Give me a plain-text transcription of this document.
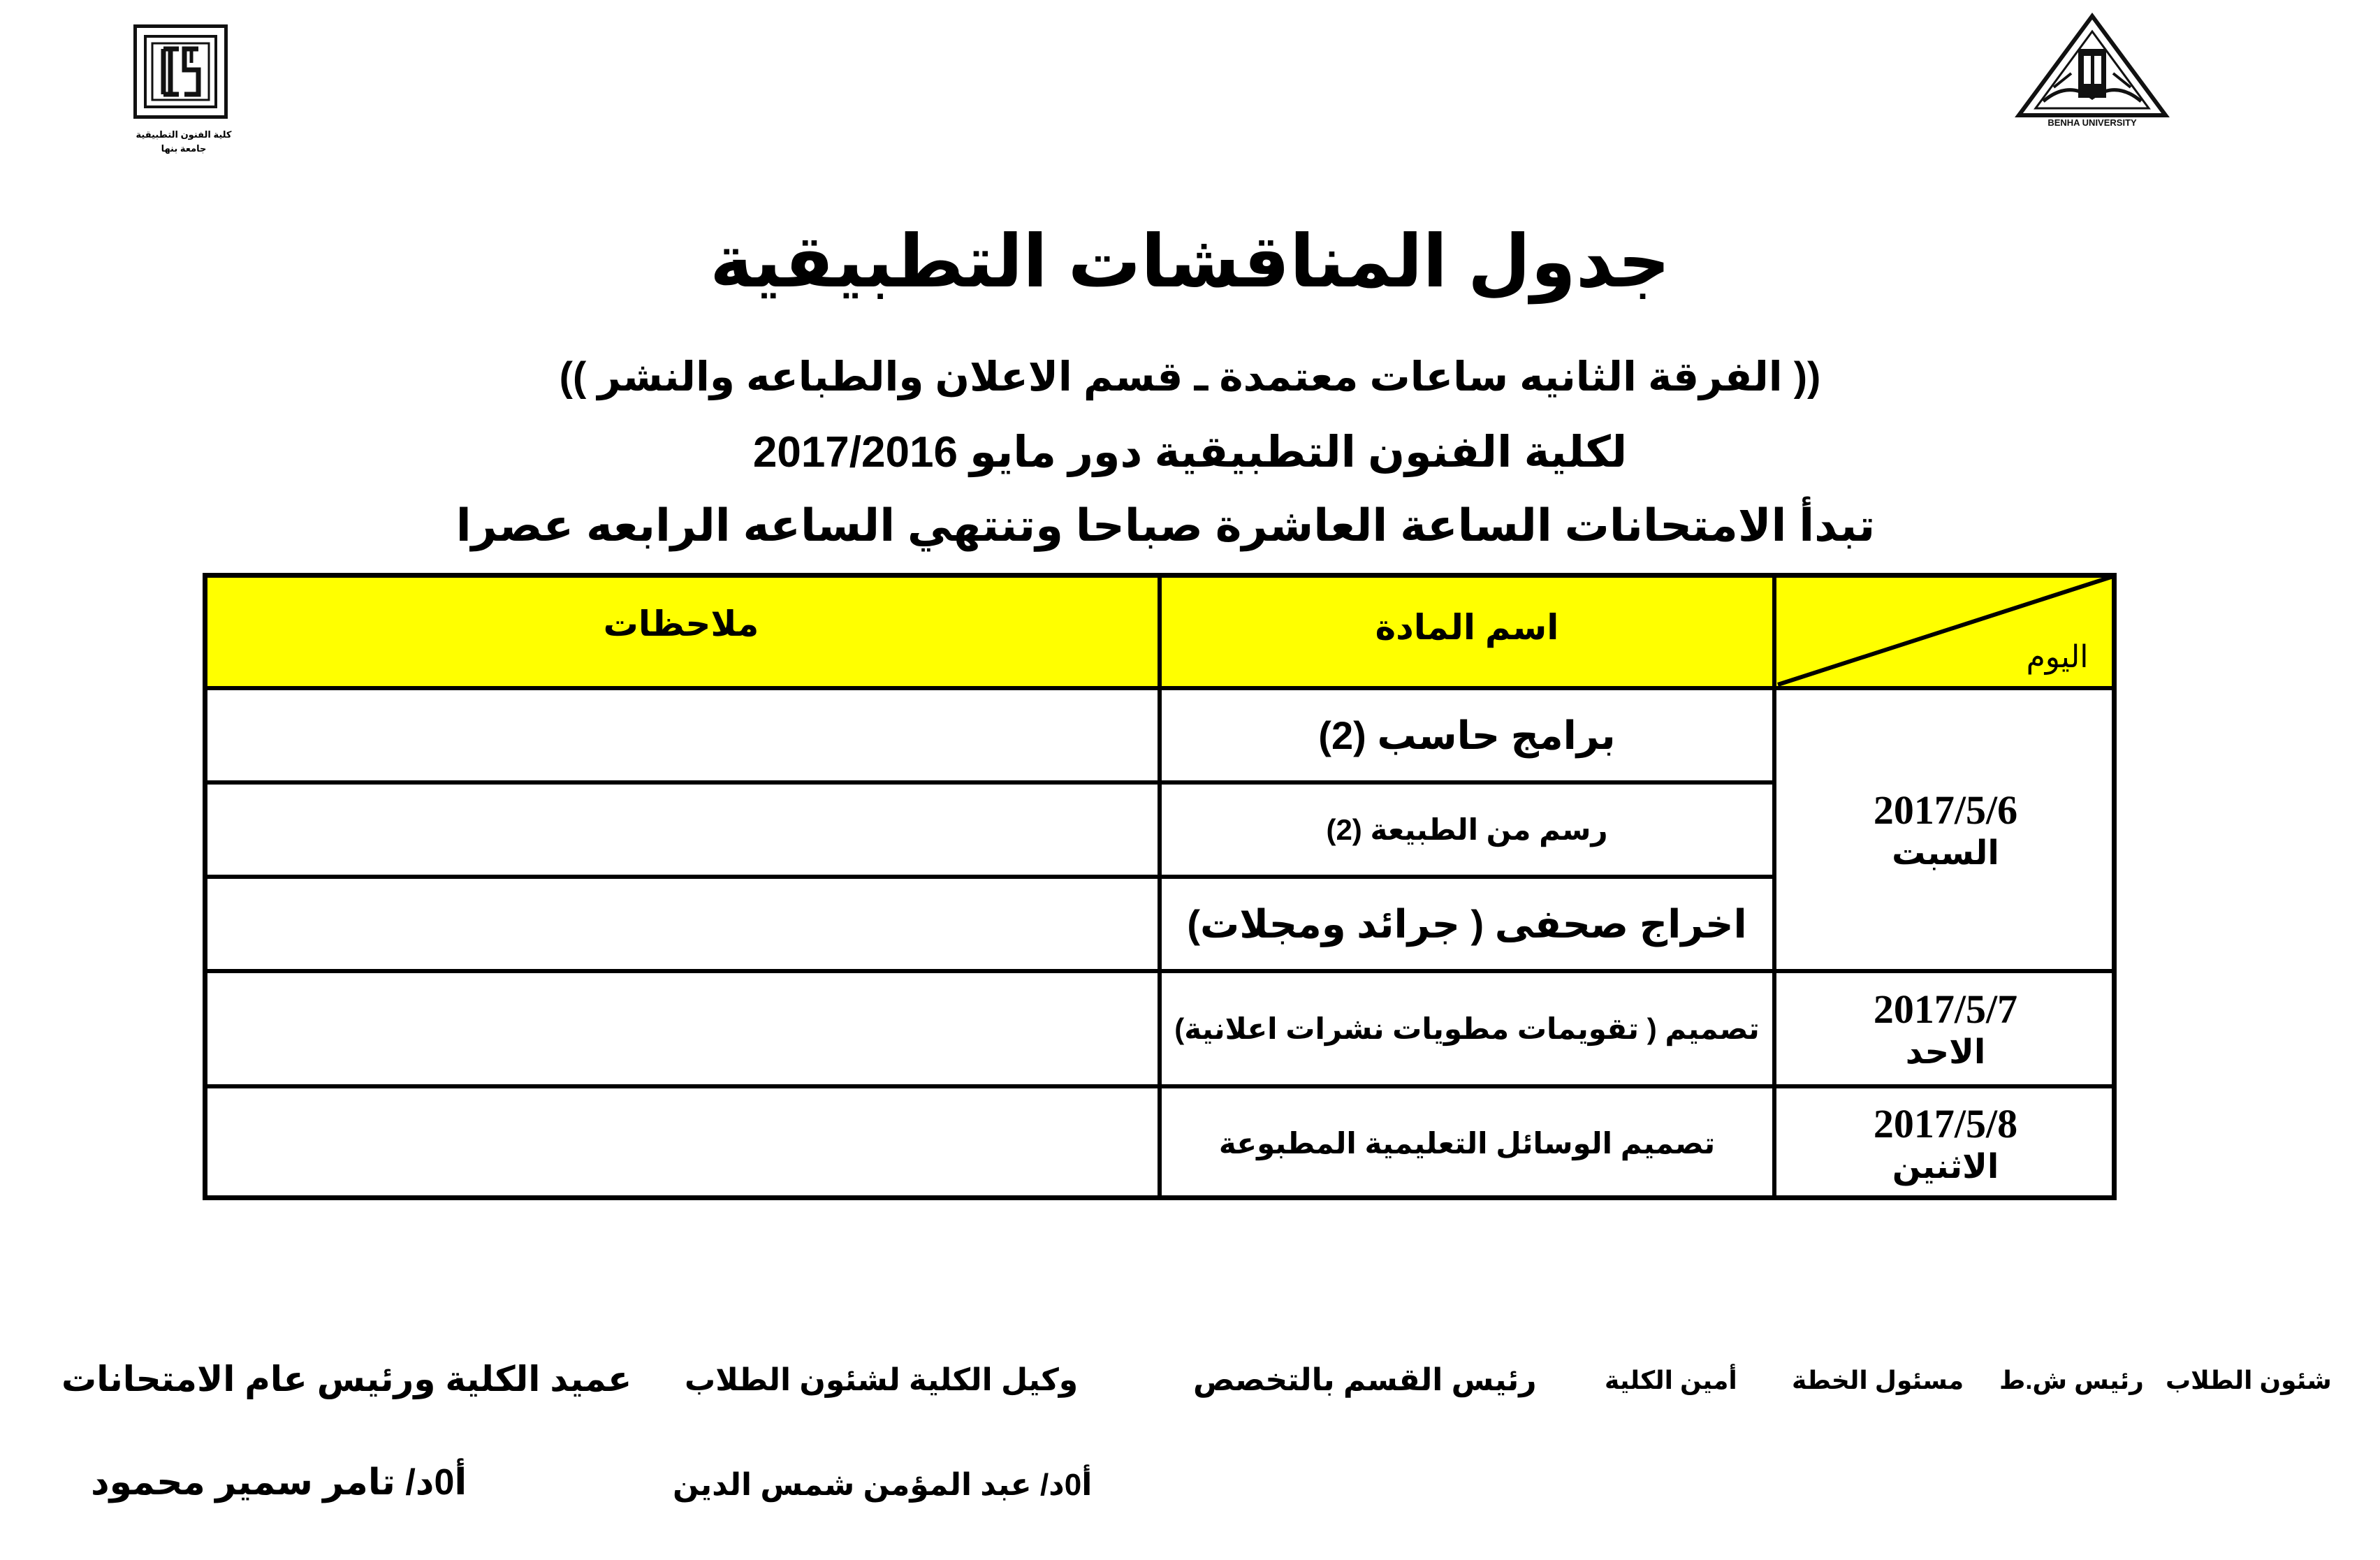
كلية الفنون التطبيقية
جامعة بنها
BENHA UNIVERSITY
جدول المناقشات التطبيقية
(( الفرقة الثانيه ساعات معتمدة ـ قسم الاعلان والطباعه والنشر ))
لكلية الفنون التطبيقية دور مايو 2017/2016
تبدأ الامتحانات الساعة العاشرة صباحا وتنتهي الساعه الرابعه عصرا
ملاحظات	اسم المادة
اليوم
برامج حاسب (2)
رسم من الطبيعة (2)
اخراج صحفى ( جرائد ومجلات)
تصميم ( تقويمات مطويات نشرات اعلانية)
تصميم الوسائل التعليمية المطبوعة
2017/5/6
السبت
2017/5/7
الاحد
2017/5/8
الاثنين
شئون الطلاب
رئيس ش.ط
مسئول الخطة
أمين الكلية
رئيس القسم بالتخصص
وكيل الكلية لشئون الطلاب
عميد الكلية ورئيس عام الامتحانات
أ0د/ عبد المؤمن شمس الدين
أ0د/ تامر سمير محمود
